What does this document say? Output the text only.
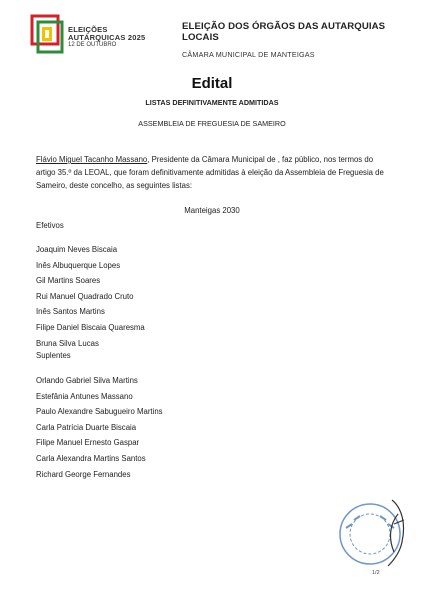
ELEIÇÕES
AUTÁRQUICAS 2025
12 DE OUTUBRO
ELEIÇÃO DOS ÓRGÃOS DAS AUTARQUIAS LOCAIS
CÂMARA MUNICIPAL DE MANTEIGAS
Edital
LISTAS DEFINITIVAMENTE ADMITIDAS
ASSEMBLEIA DE FREGUESIA DE SAMEIRO
Flávio Miguel Tacanho Massano, Presidente da Câmara Municipal de , faz público, nos termos do artigo 35.º da LEOAL, que foram definitivamente admitidas à eleição da Assembleia de Freguesia de Sameiro, deste concelho, as seguintes listas:
Manteigas 2030
Efetivos
Joaquim Neves Biscaia
Inês Albuquerque Lopes
Gil Martins Soares
Rui Manuel Quadrado Cruto
Inês Santos Martins
Filipe Daniel Biscaia Quaresma
Bruna Silva Lucas
Suplentes
Orlando Gabriel Silva Martins
Estefânia Antunes Massano
Paulo Alexandre Sabugueiro Martins
Carla Patrícia Duarte Biscaia
Filipe Manuel Ernesto Gaspar
Carla Alexandra Martins Santos
Richard George Fernandes
1/2
